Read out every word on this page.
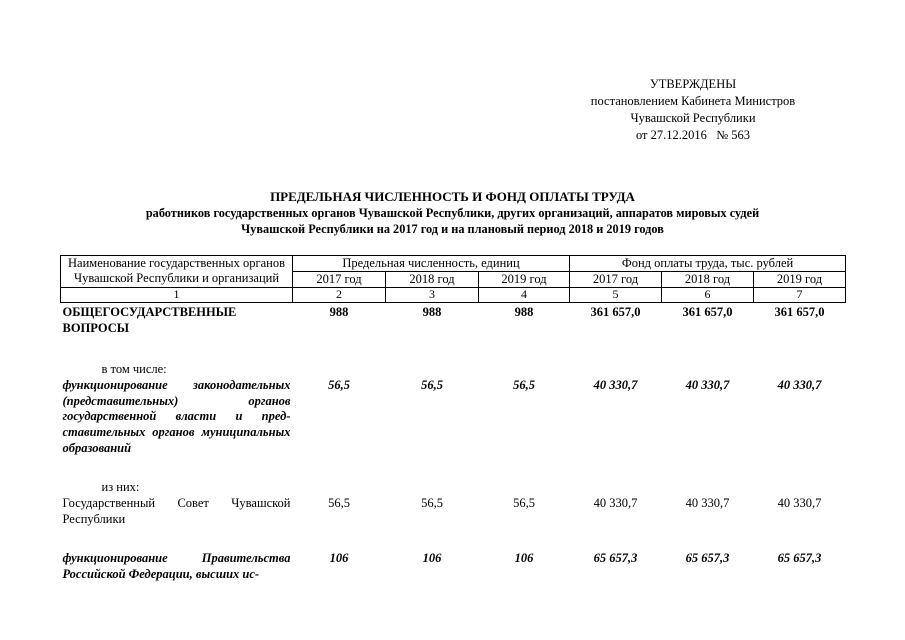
УТВЕРЖДЕНЫ
постановлением Кабинета Министров
Чувашской Республики
от 27.12.2016   № 563
ПРЕДЕЛЬНАЯ ЧИСЛЕННОСТЬ И ФОНД ОПЛАТЫ ТРУДА
работников государственных органов Чувашской Республики, других организаций, аппаратов мировых судей
Чувашской Республики на 2017 год и на плановый период 2018 и 2019 годов
Наименование государственных органов Чувашской Республики и организаций	Предельная численность, единиц			Фонд оплаты труда, тыс. рублей		
	2017 год	2018 год	2019 год	2017 год	2018 год	2019 год
1	2	3	4	5	6	7
ОБЩЕГОСУДАРСТВЕННЫЕ ВОПРОСЫ	988	988	988	361 657,0	361 657,0	361 657,0

в том числе:						

функционирование законодательных (представительных) органов государственной власти и представительных органов муниципальных образований	56,5	56,5	56,5	40 330,7	40 330,7	40 330,7

из них:						

Государственный Совет Чувашской Республики	56,5	56,5	56,5	40 330,7	40 330,7	40 330,7
функционирование Правительства Российской Федерации, высших ис-	106	106	106	65 657,3	65 657,3	65 657,3
